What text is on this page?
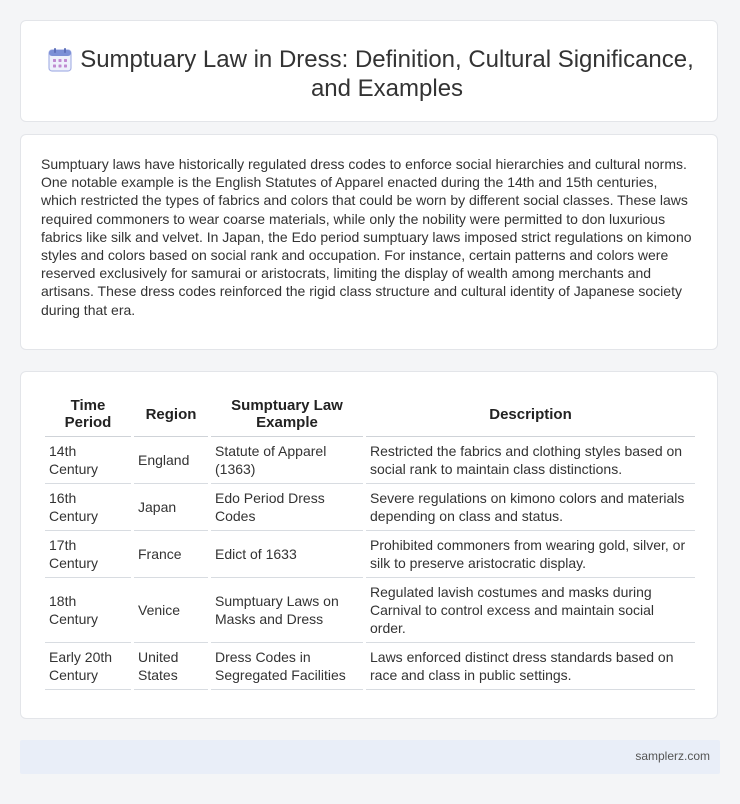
Sumptuary Law in Dress: Definition, Cultural Significance, and Examples
Sumptuary laws have historically regulated dress codes to enforce social hierarchies and cultural norms. One notable example is the English Statutes of Apparel enacted during the 14th and 15th centuries, which restricted the types of fabrics and colors that could be worn by different social classes. These laws required commoners to wear coarse materials, while only the nobility were permitted to don luxurious fabrics like silk and velvet. In Japan, the Edo period sumptuary laws imposed strict regulations on kimono styles and colors based on social rank and occupation. For instance, certain patterns and colors were reserved exclusively for samurai or aristocrats, limiting the display of wealth among merchants and artisans. These dress codes reinforced the rigid class structure and cultural identity of Japanese society during that era.
Time Period	Region	Sumptuary Law Example	Description
14th Century	England	Statute of Apparel (1363)	Restricted the fabrics and clothing styles based on social rank to maintain class distinctions.
16th Century	Japan	Edo Period Dress Codes	Severe regulations on kimono colors and materials depending on class and status.
17th Century	France	Edict of 1633	Prohibited commoners from wearing gold, silver, or silk to preserve aristocratic display.
18th Century	Venice	Sumptuary Laws on Masks and Dress	Regulated lavish costumes and masks during Carnival to control excess and maintain social order.
Early 20th Century	United States	Dress Codes in Segregated Facilities	Laws enforced distinct dress standards based on race and class in public settings.
samplerz.com
